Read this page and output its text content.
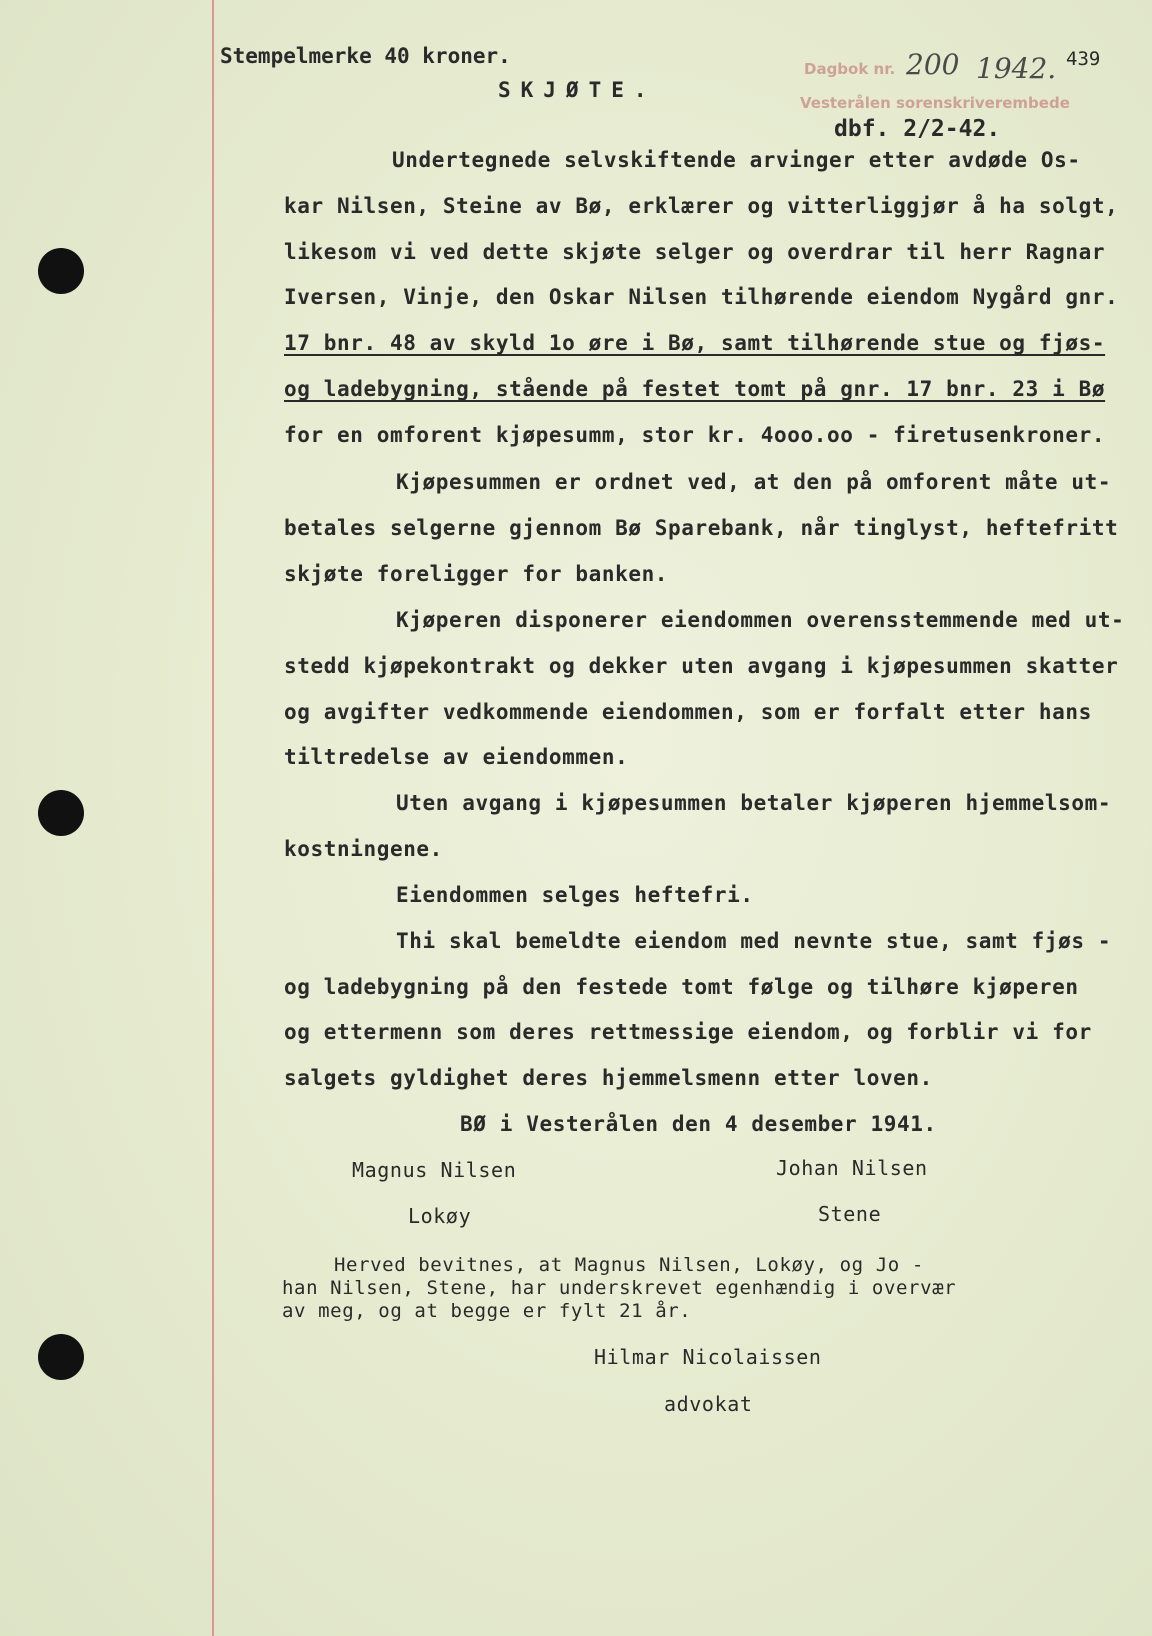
Stempelmerke 40 kroner.
SKJØTE.
439
Dagbok nr. 200 1942.
Vesterålen sorenskriverembede
dbf. 2/2-42.
Undertegnede selvskiftende arvinger etter avdøde Os-
kar Nilsen, Steine av Bø, erklærer og vitterliggjør å ha solgt,
likesom vi ved dette skjøte selger og overdrar til herr Ragnar
Iversen, Vinje, den Oskar Nilsen tilhørende eiendom Nygård gnr.
17 bnr. 48 av skyld 1o øre i Bø, samt tilhørende stue og fjøs-
og ladebygning, stående på festet tomt på gnr. 17 bnr. 23 i Bø
for en omforent kjøpesumm, stor kr. 4ooo.oo - firetusenkroner.
Kjøpesummen er ordnet ved, at den på omforent måte ut-
betales selgerne gjennom Bø Sparebank, når tinglyst, heftefritt
skjøte foreligger for banken.
Kjøperen disponerer eiendommen overensstemmende med ut-
stedd kjøpekontrakt og dekker uten avgang i kjøpesummen skatter
og avgifter vedkommende eiendommen, som er forfalt etter hans
tiltredelse av eiendommen.
Uten avgang i kjøpesummen betaler kjøperen hjemmelsom-
kostningene.
Eiendommen selges heftefri.
Thi skal bemeldte eiendom med nevnte stue, samt fjøs -
og ladebygning på den festede tomt følge og tilhøre kjøperen
og ettermenn som deres rettmessige eiendom, og forblir vi for
salgets gyldighet deres hjemmelsmenn etter loven.
BØ i Vesterålen den 4 desember 1941.
Magnus Nilsen	Johan Nilsen
Lokøy	Stene
Herved bevitnes, at Magnus Nilsen, Lokøy, og Jo -
han Nilsen, Stene, har underskrevet egenhændig i overvær
av meg, og at begge er fylt 21 år.
Hilmar Nicolaissen
advokat
